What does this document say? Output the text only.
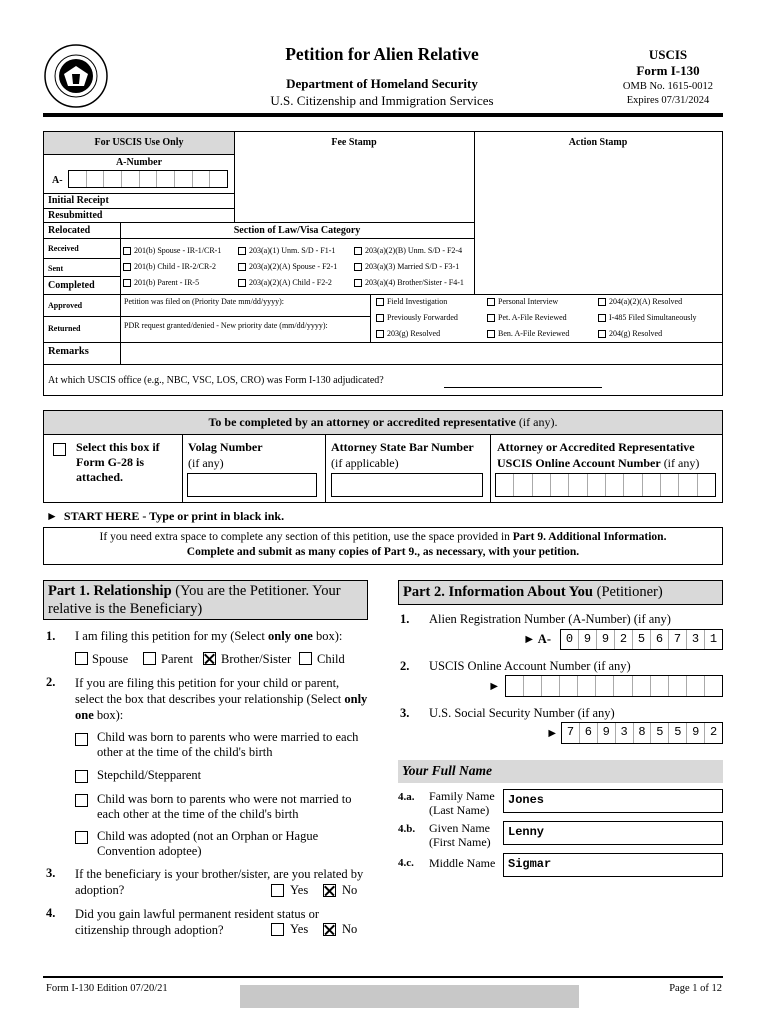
Petition for Alien Relative
Department of Homeland Security
U.S. Citizenship and Immigration Services
USCIS
Form I-130
OMB No. 1615-0012
Expires 07/31/2024
For USCIS Use Only	Fee Stamp	Action Stamp
A-Number
A-
Initial Receipt
Resubmitted
Relocated	Section of Law/Visa Category
Received
Sent
Completed
201(b) Spouse - IR-1/CR-1	203(a)(1) Unm. S/D - F1-1	203(a)(2)(B) Unm. S/D - F2-4
201(b) Child - IR-2/CR-2	203(a)(2)(A) Spouse - F2-1	203(a)(3) Married S/D - F3-1
201(b) Parent - IR-5	203(a)(2)(A) Child - F2-2	203(a)(4) Brother/Sister - F4-1
Approved	Petition was filed on (Priority Date mm/dd/yyyy):
Returned	PDR request granted/denied - New priority date (mm/dd/yyyy):
Field Investigation	Personal Interview	204(a)(2)(A) Resolved
Previously Forwarded	Pet. A-File Reviewed	I-485 Filed Simultaneously
203(g) Resolved	Ben. A-File Reviewed	204(g) Resolved
Remarks
At which USCIS office (e.g., NBC, VSC, LOS, CRO) was Form I-130 adjudicated?
To be completed by an attorney or accredited representative (if any).
Select this box if Form G-28 is attached.
Volag Number
(if any)
Attorney State Bar Number
(if applicable)
Attorney or Accredited Representative
USCIS Online Account Number (if any)
► START HERE - Type or print in black ink.
If you need extra space to complete any section of this petition, use the space provided in Part 9. Additional Information.
Complete and submit as many copies of Part 9., as necessary, with your petition.
Part 1. Relationship (You are the Petitioner. Your
relative is the Beneficiary)
1. I am filing this petition for my (Select only one box):
Spouse	Parent Brother/Sister Child
2. If you are filing this petition for your child or parent,
select the box that describes your relationship (Select only
one box):
Child was born to parents who were married to each
other at the time of the child's birth
Stepchild/Stepparent
Child was born to parents who were not married to
each other at the time of the child's birth
Child was adopted (not an Orphan or Hague
Convention adoptee)
3. If the beneficiary is your brother/sister, are you related by
adoption?	Yes	No
4. Did you gain lawful permanent resident status or
citizenship through adoption?	Yes	No
Part 2. Information About You (Petitioner)
1. Alien Registration Number (A-Number) (if any)
► A-	0 9 9 2 5 6 7 3 1
2. USCIS Online Account Number (if any)
►
3. U.S. Social Security Number (if any)
► 7 6 9 3 8 5 5 9 2
Your Full Name
4.a. Family Name
(Last Name)
Jones
4.b. Given Name
(First Name)
Lenny
4.c. Middle Name	Sigmar
Form I-130 Edition 07/20/21	Page 1 of 12
